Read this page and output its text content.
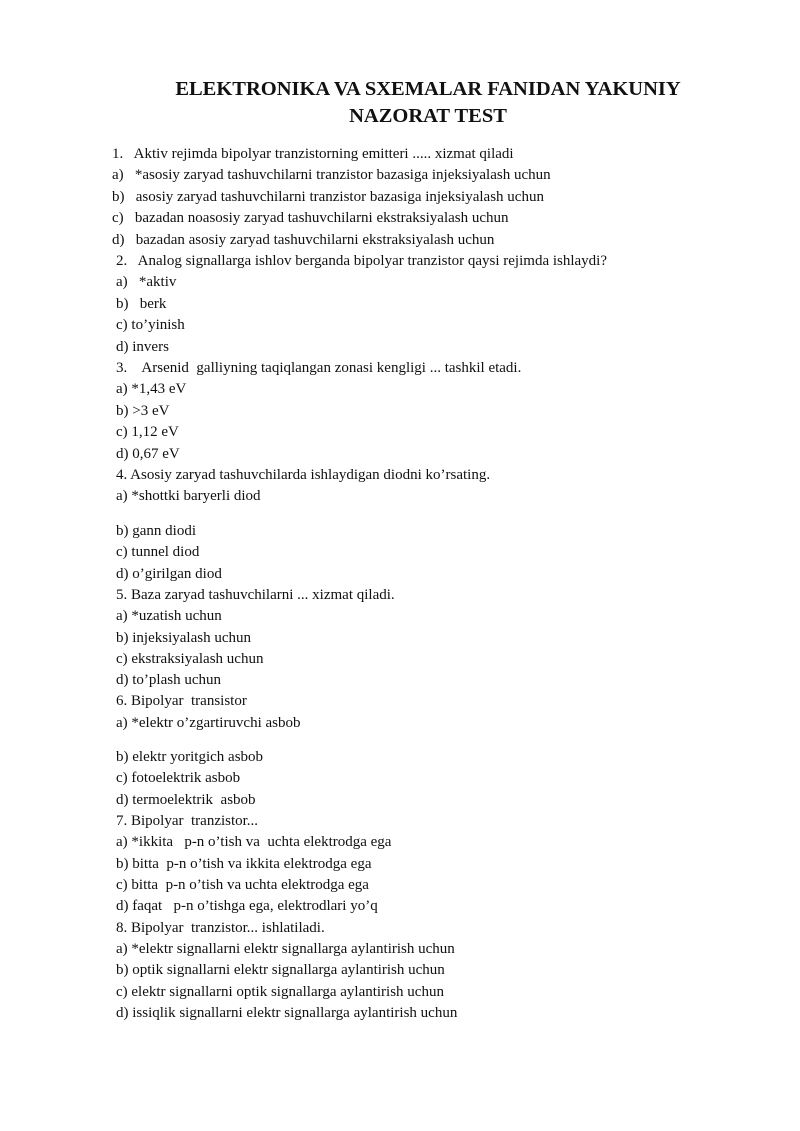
ELEKTRONIKA VA SXEMALAR FANIDAN YAKUNIY
NAZORAT TEST
1.   Aktiv rejimda bipolyar tranzistorning emitteri ..... xizmat qiladi
a)   *asosiy zaryad tashuvchilarni tranzistor bazasiga injeksiyalash uchun
b)   asosiy zaryad tashuvchilarni tranzistor bazasiga injeksiyalash uchun
c)   bazadan noasosiy zaryad tashuvchilarni ekstraksiyalash uchun
d)   bazadan asosiy zaryad tashuvchilarni ekstraksiyalash uchun
2.   Analog signallarga ishlov berganda bipolyar tranzistor qaysi rejimda ishlaydi?
a)   *aktiv
b)   berk
c) to’yinish
d) invers
3.    Arsenid  galliyning taqiqlangan zonasi kengligi ... tashkil etadi.
a) *1,43 eV
b) >3 eV
c) 1,12 eV
d) 0,67 eV
4. Asosiy zaryad tashuvchilarda ishlaydigan diodni ko’rsating.
a) *shottki baryerli diod
b) gann diodi
c) tunnel diod
d) o’girilgan diod
5. Baza zaryad tashuvchilarni ... xizmat qiladi.
a) *uzatish uchun
b) injeksiyalash uchun
c) ekstraksiyalash uchun
d) to’plash uchun
6. Bipolyar  transistor
a) *elektr o’zgartiruvchi asbob
b) elektr yoritgich asbob
c) fotoelektrik asbob
d) termoelektrik  asbob
7. Bipolyar  tranzistor...
a) *ikkita   p-n o’tish va  uchta elektrodga ega
b) bitta  p-n o’tish va ikkita elektrodga ega
c) bitta  p-n o’tish va uchta elektrodga ega
d) faqat   p-n o’tishga ega, elektrodlari yo’q
8. Bipolyar  tranzistor... ishlatiladi.
a) *elektr signallarni elektr signallarga aylantirish uchun
b) optik signallarni elektr signallarga aylantirish uchun
c) elektr signallarni optik signallarga aylantirish uchun
d) issiqlik signallarni elektr signallarga aylantirish uchun
